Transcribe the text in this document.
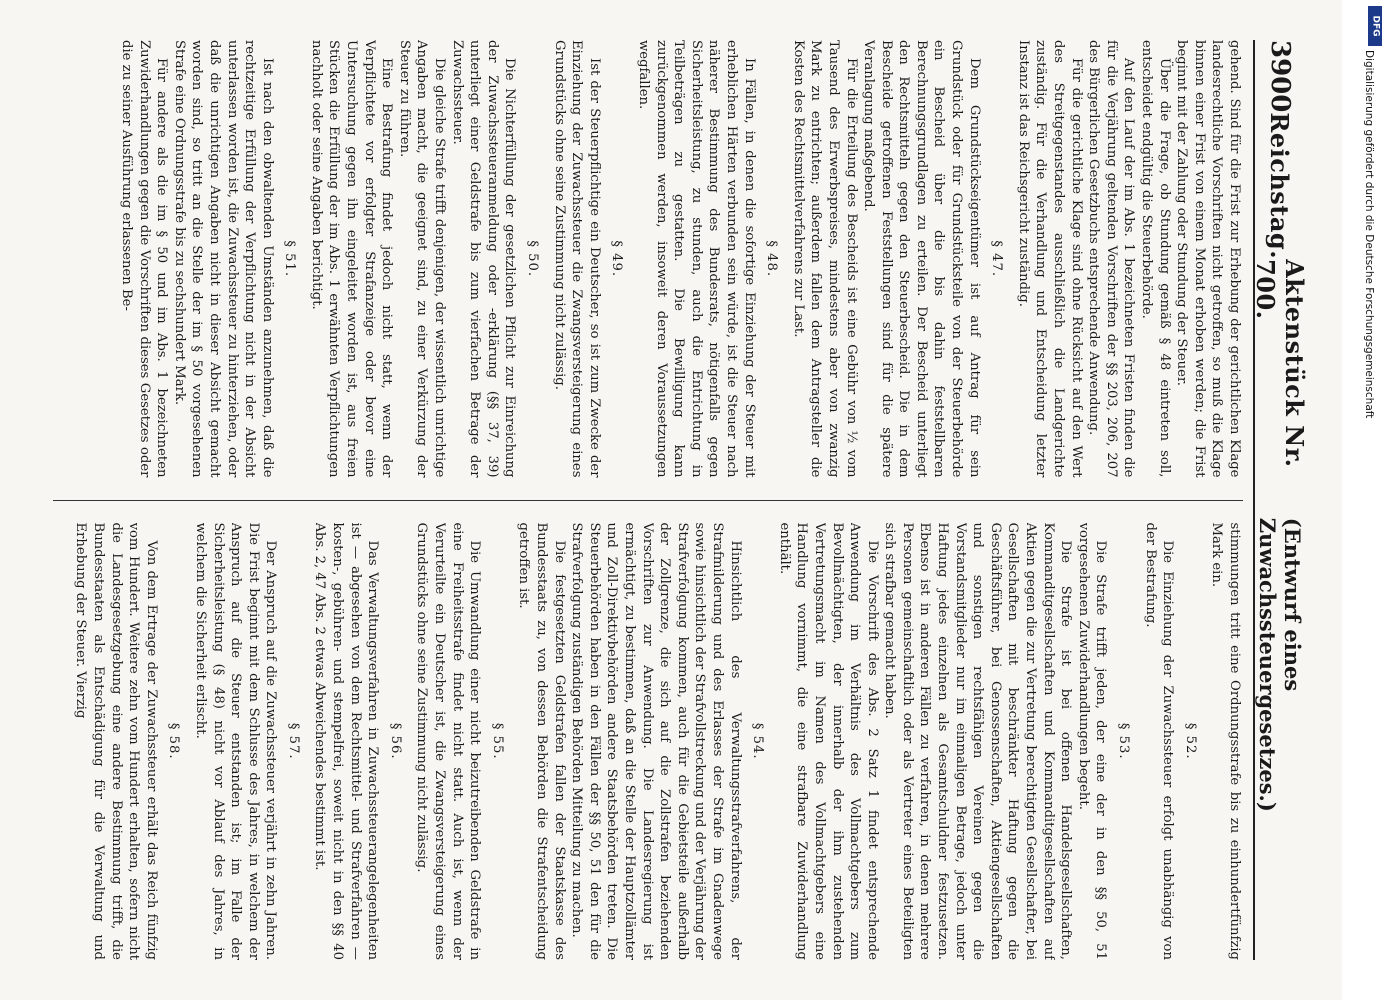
3900
Reichstag.
Aktenstück Nr. 700.
(Entwurf eines Zuwachssteuergesetzes.)

gehend. Sind für die Frist zur Erhebung der gerichtlichen Klage landesrechtliche Vorschriften nicht getroffen, so muß die Klage binnen einer Frist von einem Monat erhoben werden; die Frist beginnt mit der Zahlung oder Stundung der Steuer.

Über die Frage, ob Stundung gemäß § 48 eintreten soll, entscheidet endgültig die Steuerbehörde.

Auf den Lauf der im Abs. 1 bezeichneten Fristen finden die für die Verjährung geltenden Vorschriften der §§ 203, 206, 207 des Bürgerlichen Gesetzbuchs entsprechende Anwendung.

Für die gerichtliche Klage sind ohne Rücksicht auf den Wert des Streitgegenstandes ausschließlich die Landgerichte zuständig. Für die Verhandlung und Entscheidung letzter Instanz ist das Reichsgericht zuständig.

§ 47.

Dem Grundstückseigentümer ist auf Antrag für sein Grundstück oder für Grundstücksteile von der Steuerbehörde ein Bescheid über die bis dahin feststellbaren Berechnungsgrundlagen zu erteilen. Der Bescheid unterliegt den Rechtsmitteln gegen den Steuerbescheid. Die in dem Bescheide getroffenen Feststellungen sind für die spätere Veranlagung maßgebend.

Für die Erteilung des Bescheids ist eine Gebühr von ½ vom Tausend des Erwerbspreises, mindestens aber von zwanzig Mark zu entrichten; außerdem fallen dem Antragsteller die Kosten des Rechtsmittelverfahrens zur Last.

§ 48.

In Fällen, in denen die sofortige Einziehung der Steuer mit erheblichen Härten verbunden sein würde, ist die Steuer nach näherer Bestimmung des Bundesrats, nötigenfalls gegen Sicherheitsleistung, zu stunden, auch die Entrichtung in Teilbeträgen zu gestatten. Die Bewilligung kann zurückgenommen werden, insoweit deren Voraussetzungen wegfallen.

§ 49.

Ist der Steuerpflichtige ein Deutscher, so ist zum Zwecke der Einziehung der Zuwachssteuer die Zwangsversteigerung eines Grundstücks ohne seine Zustimmung nicht zulässig.

§ 50.

Die Nichterfüllung der gesetzlichen Pflicht zur Einreichung der Zuwachssteueranmeldung oder -erklärung (§§ 37, 39) unterliegt einer Geldstrafe bis zum vierfachen Betrage der Zuwachssteuer.

Die gleiche Strafe trifft denjenigen, der wissentlich unrichtige Angaben macht, die geeignet sind, zu einer Verkürzung der Steuer zu führen.

Eine Bestrafung findet jedoch nicht statt, wenn der Verpflichtete vor erfolgter Strafanzeige oder bevor eine Untersuchung gegen ihn eingeleitet worden ist, aus freien Stücken die Erfüllung der im Abs. 1 erwähnten Verpflichtungen nachholt oder seine Angaben berichtigt.

§ 51.

Ist nach den obwaltenden Umständen anzunehmen, daß die rechtzeitige Erfüllung der Verpflichtung nicht in der Absicht unterlassen worden ist, die Zuwachssteuer zu hinterziehen, oder daß die unrichtigen Angaben nicht in dieser Absicht gemacht worden sind, so tritt an die Stelle der im § 50 vorgesehenen Strafe eine Ordnungsstrafe bis zu sechshundert Mark.

Für andere als die im § 50 und im Abs. 1 bezeichneten Zuwiderhandlungen gegen die Vorschriften dieses Gesetzes oder die zu seiner Ausführung erlassenen Be-

stimmungen tritt eine Ordnungsstrafe bis zu einhundertfünfzig Mark ein.

§ 52.

Die Einziehung der Zuwachssteuer erfolgt unabhängig von der Bestrafung.

§ 53.

Die Strafe trifft jeden, der eine der in den §§ 50, 51 vorgesehenen Zuwiderhandlungen begeht.

Die Strafe ist bei offenen Handelsgesellschaften, Kommanditgesellschaften und Kommanditgesellschaften auf Aktien gegen die zur Vertretung berechtigten Gesellschafter, bei Gesellschaften mit beschränkter Haftung gegen die Geschäftsführer, bei Genossenschaften, Aktiengesellschaften und sonstigen rechtsfähigen Vereinen gegen die Vorstandsmitglieder nur im einmaligen Betrage, jedoch unter Haftung jedes einzelnen als Gesamtschuldner festzusetzen. Ebenso ist in anderen Fällen zu verfahren, in denen mehrere Personen gemeinschaftlich oder als Vertreter eines Beteiligten sich strafbar gemacht haben.

Die Vorschrift des Abs. 2 Satz 1 findet entsprechende Anwendung im Verhältnis des Vollmachtgebers zum Bevollmächtigten, der innerhalb der ihm zustehenden Vertretungsmacht im Namen des Vollmachtgebers eine Handlung vornimmt, die eine strafbare Zuwiderhandlung enthält.

§ 54.

Hinsichtlich des Verwaltungsstrafverfahrens, der Strafmilderung und des Erlasses der Strafe im Gnadenwege sowie hinsichtlich der Strafvollstreckung und der Verjährung der Strafverfolgung kommen, auch für die Gebietsteile außerhalb der Zollgrenze, die sich auf die Zollstrafen beziehenden Vorschriften zur Anwendung. Die Landesregierung ist ermächtigt, zu bestimmen, daß an die Stelle der Hauptzollämter und Zoll-Direktivbehörden andere Staatsbehörden treten. Die Steuerbehörden haben in den Fällen der §§ 50, 51 den für die Strafverfolgung zuständigen Behörden Mitteilung zu machen.

Die festgesetzten Geldstrafen fallen der Staatskasse des Bundesstaats zu, von dessen Behörden die Strafentscheidung getroffen ist.

§ 55.

Die Umwandlung einer nicht beizutreibenden Geldstrafe in eine Freiheitsstrafe findet nicht statt. Auch ist, wenn der Verurteilte ein Deutscher ist, die Zwangsversteigerung eines Grundstücks ohne seine Zustimmung nicht zulässig.

§ 56.

Das Verwaltungsverfahren in Zuwachssteuerangelegenheiten ist — abgesehen von dem Rechtsmittel- und Strafverfahren — kosten-, gebühren- und stempelfrei, soweit nicht in den §§ 40 Abs. 2, 47 Abs. 2 etwas Abweichendes bestimmt ist.

§ 57.

Der Anspruch auf die Zuwachssteuer verjährt in zehn Jahren. Die Frist beginnt mit dem Schlusse des Jahres, in welchem der Anspruch auf die Steuer entstanden ist; im Falle der Sicherheitsleistung (§ 48) nicht vor Ablauf des Jahres, in welchem die Sicherheit erlischt.

§ 58.

Von dem Ertrage der Zuwachssteuer erhält das Reich fünfzig vom Hundert. Weitere zehn vom Hundert erhalten, sofern nicht die Landesgesetzgebung eine andere Bestimmung trifft, die Bundesstaaten als Entschädigung für die Verwaltung und Erhebung der Steuer. Vierzig

DFG
Digitalisierung gefördert durch die Deutsche Forschungsgemeinschaft
